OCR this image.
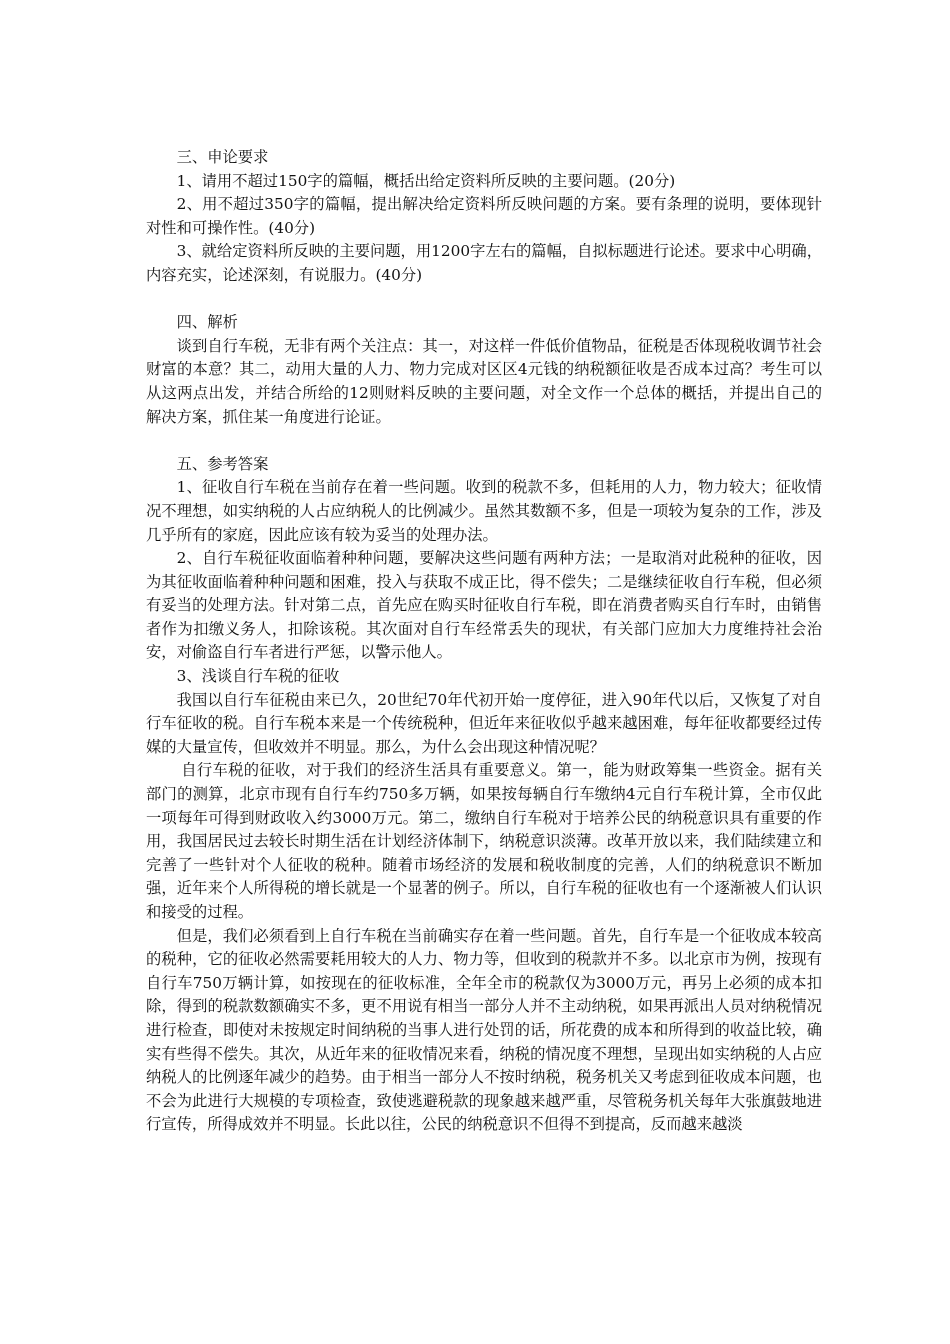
三、申论要求

1、请用不超过150字的篇幅，概括出给定资料所反映的主要问题。(20分)

2、用不超过350字的篇幅，提出解决给定资料所反映问题的方案。要有条理的说明，要体现针对性和可操作性。(40分)

3、就给定资料所反映的主要问题，用1200字左右的篇幅，自拟标题进行论述。要求中心明确，内容充实，论述深刻，有说服力。(40分)

四、解析

谈到自行车税，无非有两个关注点：其一，对这样一件低价值物品，征税是否体现税收调节社会财富的本意？其二，动用大量的人力、物力完成对区区4元钱的纳税额征收是否成本过高？考生可以从这两点出发，并结合所给的12则财料反映的主要问题，对全文作一个总体的概括，并提出自己的解决方案，抓住某一角度进行论证。

五、参考答案

1、征收自行车税在当前存在着一些问题。收到的税款不多，但耗用的人力，物力较大；征收情况不理想，如实纳税的人占应纳税人的比例减少。虽然其数额不多，但是一项较为复杂的工作，涉及几乎所有的家庭，因此应该有较为妥当的处理办法。

2、自行车税征收面临着种种问题，要解决这些问题有两种方法；一是取消对此税种的征收，因为其征收面临着种种问题和困难，投入与获取不成正比，得不偿失；二是继续征收自行车税，但必须有妥当的处理方法。针对第二点，首先应在购买时征收自行车税，即在消费者购买自行车时，由销售者作为扣缴义务人，扣除该税。其次面对自行车经常丢失的现状，有关部门应加大力度维持社会治安，对偷盗自行车者进行严惩，以警示他人。

3、浅谈自行车税的征收

我国以自行车征税由来已久，20世纪70年代初开始一度停征，进入90年代以后，又恢复了对自行车征收的税。自行车税本来是一个传统税种，但近年来征收似乎越来越困难，每年征收都要经过传媒的大量宣传，但收效并不明显。那么，为什么会出现这种情况呢？

自行车税的征收，对于我们的经济生活具有重要意义。第一，能为财政筹集一些资金。据有关部门的测算，北京市现有自行车约750多万辆，如果按每辆自行车缴纳4元自行车税计算，全市仅此一项每年可得到财政收入约3000万元。第二，缴纳自行车税对于培养公民的纳税意识具有重要的作用，我国居民过去较长时期生活在计划经济体制下，纳税意识淡薄。改革开放以来，我们陆续建立和完善了一些针对个人征收的税种。随着市场经济的发展和税收制度的完善，人们的纳税意识不断加强，近年来个人所得税的增长就是一个显著的例子。所以，自行车税的征收也有一个逐渐被人们认识和接受的过程。

但是，我们必须看到上自行车税在当前确实存在着一些问题。首先，自行车是一个征收成本较高的税种，它的征收必然需要耗用较大的人力、物力等，但收到的税款并不多。以北京市为例，按现有自行车750万辆计算，如按现在的征收标准，全年全市的税款仅为3000万元，再另上必须的成本扣除，得到的税款数额确实不多，更不用说有相当一部分人并不主动纳税，如果再派出人员对纳税情况进行检查，即使对未按规定时间纳税的当事人进行处罚的话，所花费的成本和所得到的收益比较，确实有些得不偿失。其次，从近年来的征收情况来看，纳税的情况度不理想，呈现出如实纳税的人占应纳税人的比例逐年减少的趋势。由于相当一部分人不按时纳税，税务机关又考虑到征收成本问题，也不会为此进行大规模的专项检查，致使逃避税款的现象越来越严重，尽管税务机关每年大张旗鼓地进行宣传，所得成效并不明显。长此以往，公民的纳税意识不但得不到提高，反而越来越淡
